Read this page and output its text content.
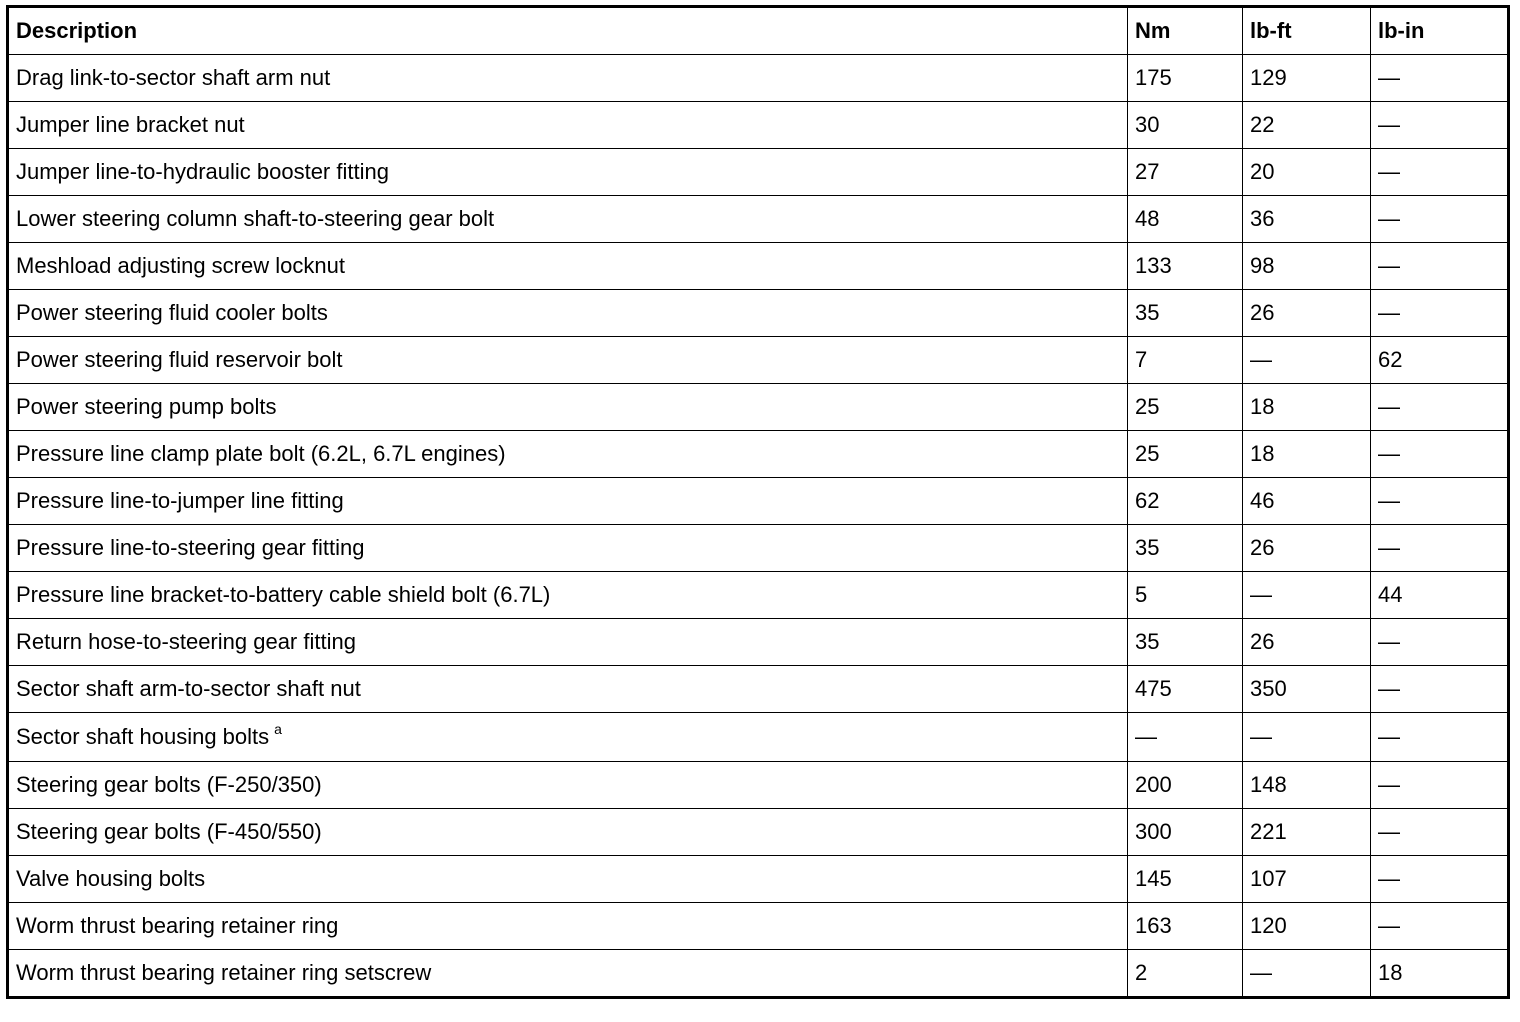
Description	Nm	lb-ft	lb-in
Drag link-to-sector shaft arm nut	175	129	—
Jumper line bracket nut	30	22	—
Jumper line-to-hydraulic booster fitting	27	20	—
Lower steering column shaft-to-steering gear bolt	48	36	—
Meshload adjusting screw locknut	133	98	—
Power steering fluid cooler bolts	35	26	—
Power steering fluid reservoir bolt	7	—	62
Power steering pump bolts	25	18	—
Pressure line clamp plate bolt (6.2L, 6.7L engines)	25	18	—
Pressure line-to-jumper line fitting	62	46	—
Pressure line-to-steering gear fitting	35	26	—
Pressure line bracket-to-battery cable shield bolt (6.7L)	5	—	44
Return hose-to-steering gear fitting	35	26	—
Sector shaft arm-to-sector shaft nut	475	350	—
Sector shaft housing bolts $^a$	—	—	—
Steering gear bolts (F-250/350)	200	148	—
Steering gear bolts (F-450/550)	300	221	—
Valve housing bolts	145	107	—
Worm thrust bearing retainer ring	163	120	—
Worm thrust bearing retainer ring setscrew	2	—	18
